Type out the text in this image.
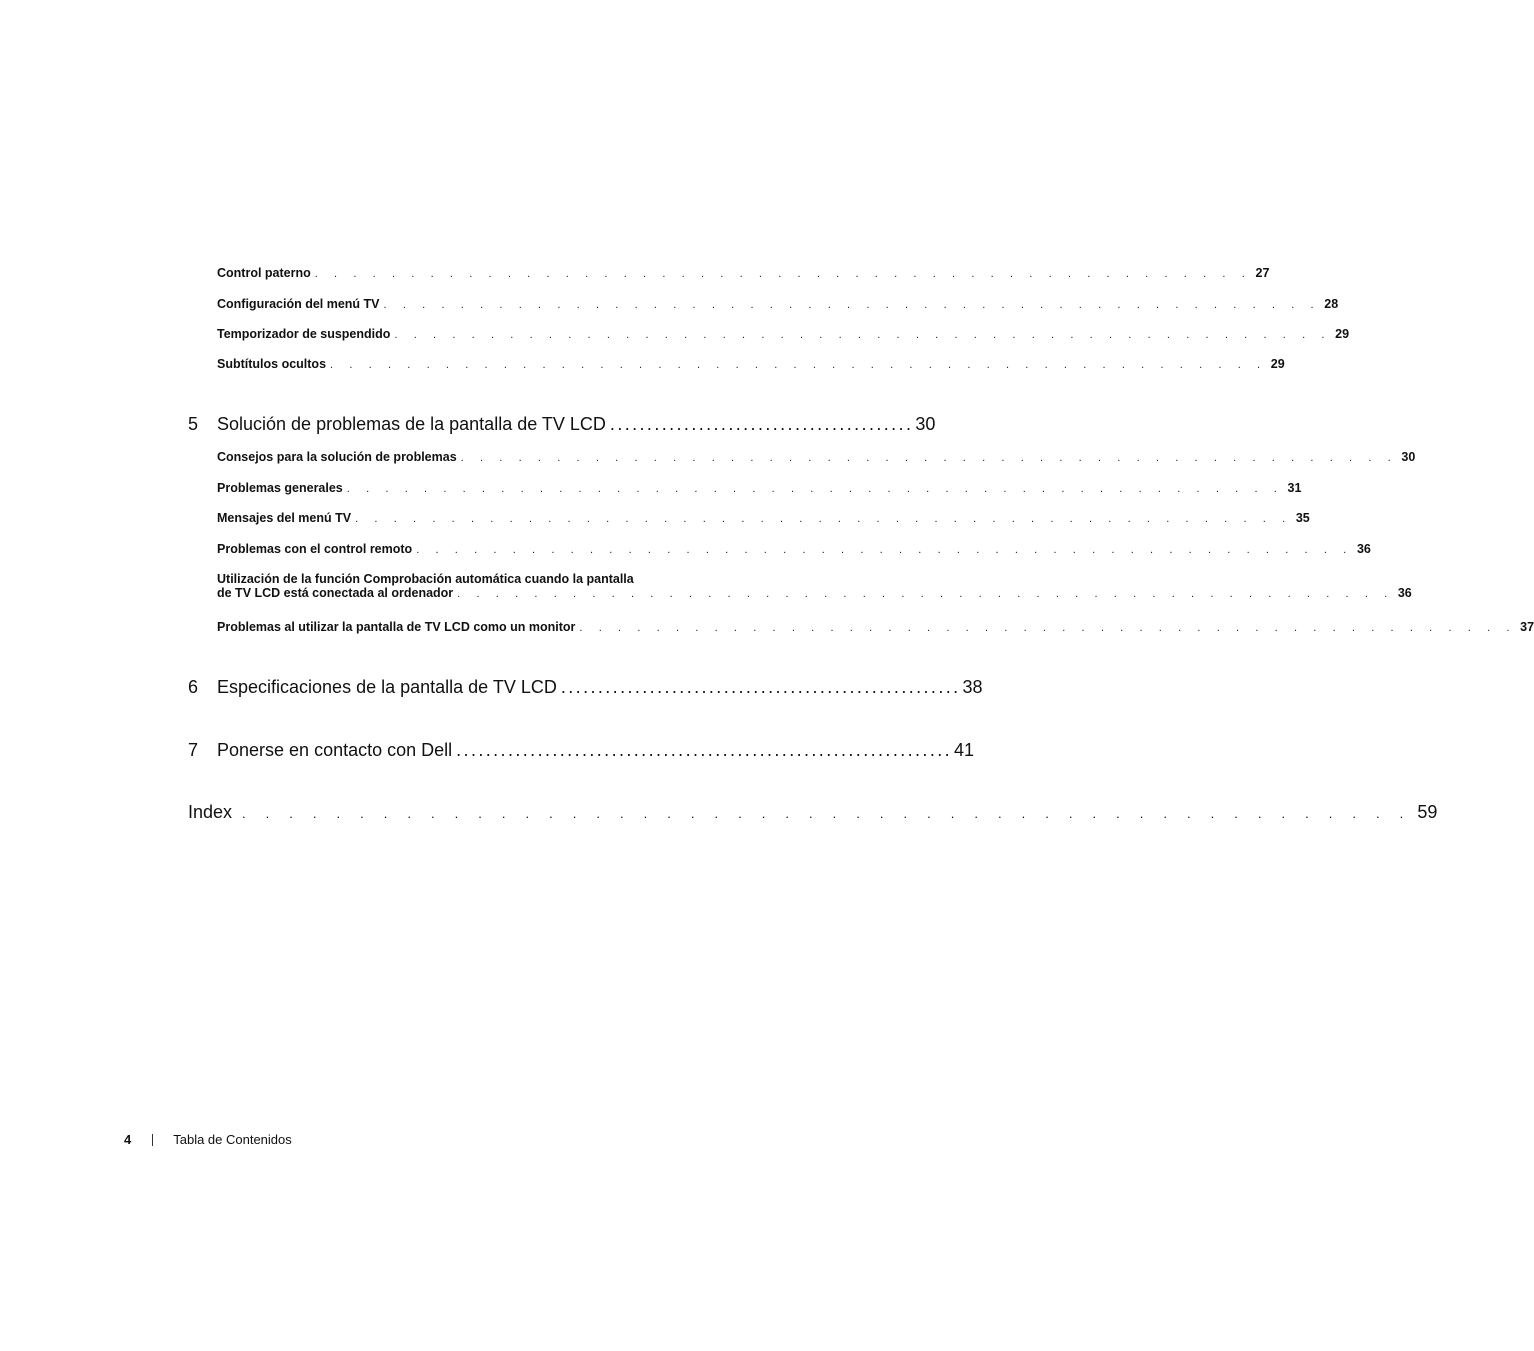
Control paterno . . . . . . . . . . . . . . . . . . . . . . . . . . . . . . . . . . . . . . . . . . . . . . . . . 27
Configuración del menú TV . . . . . . . . . . . . . . . . . . . . . . . . . . . . . . . . . . . . . . . . . . . . . . . . . 28
Temporizador de suspendido . . . . . . . . . . . . . . . . . . . . . . . . . . . . . . . . . . . . . . . . . . . . . . . . . 29
Subtítulos ocultos . . . . . . . . . . . . . . . . . . . . . . . . . . . . . . . . . . . . . . . . . . . . . . . . . 29
5	Solución de problemas de la pantalla de TV LCD ......................................... 30
Consejos para la solución de problemas . . . . . . . . . . . . . . . . . . . . . . . . . . . . . . . . . . . . . . . . . . . . . . . . . 30
Problemas generales . . . . . . . . . . . . . . . . . . . . . . . . . . . . . . . . . . . . . . . . . . . . . . . . . 31
Mensajes del menú TV . . . . . . . . . . . . . . . . . . . . . . . . . . . . . . . . . . . . . . . . . . . . . . . . . 35
Problemas con el control remoto . . . . . . . . . . . . . . . . . . . . . . . . . . . . . . . . . . . . . . . . . . . . . . . . . 36
Utilización de la función Comprobación automática cuando la pantalla
de TV LCD está conectada al ordenador . . . . . . . . . . . . . . . . . . . . . . . . . . . . . . . . . . . . . . . . . . . . . . . . . 36
Problemas al utilizar la pantalla de TV LCD como un monitor . . . . . . . . . . . . . . . . . . . . . . . . . . . . . . . . . . . . . . . . . . . . . . . . . 37
6	Especificaciones de la pantalla de TV LCD ...................................................... 38
7	Ponerse en contacto con Dell ................................................................... 41
Index . . . . . . . . . . . . . . . . . . . . . . . . . . . . . . . . . . . . . . . . . . . . . . . . . . 59
4	Tabla de Contenidos
